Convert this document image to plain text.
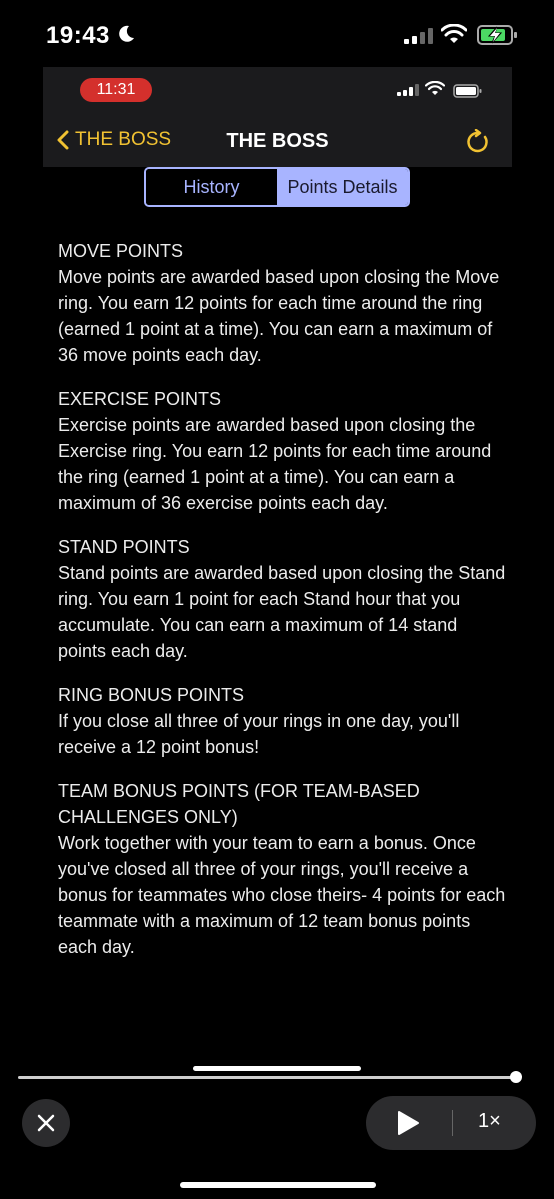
19:43
11:31
THE BOSS	THE BOSS
History	Points Details
MOVE POINTS
Move points are awarded based upon closing the Move ring. You earn 12 points for each time around the ring (earned 1 point at a time). You can earn a maximum of 36 move points each day.
EXERCISE POINTS
Exercise points are awarded based upon closing the Exercise ring. You earn 12 points for each time around the ring (earned 1 point at a time). You can earn a maximum of 36 exercise points each day.
STAND POINTS
Stand points are awarded based upon closing the Stand ring. You earn 1 point for each Stand hour that you accumulate. You can earn a maximum of 14 stand points each day.
RING BONUS POINTS
If you close all three of your rings in one day, you'll receive a 12 point bonus!
TEAM BONUS POINTS (FOR TEAM-BASED CHALLENGES ONLY)
Work together with your team to earn a bonus. Once you've closed all three of your rings, you'll receive a bonus for teammates who close theirs- 4 points for each teammate with a maximum of 12 team bonus points each day.
1×
